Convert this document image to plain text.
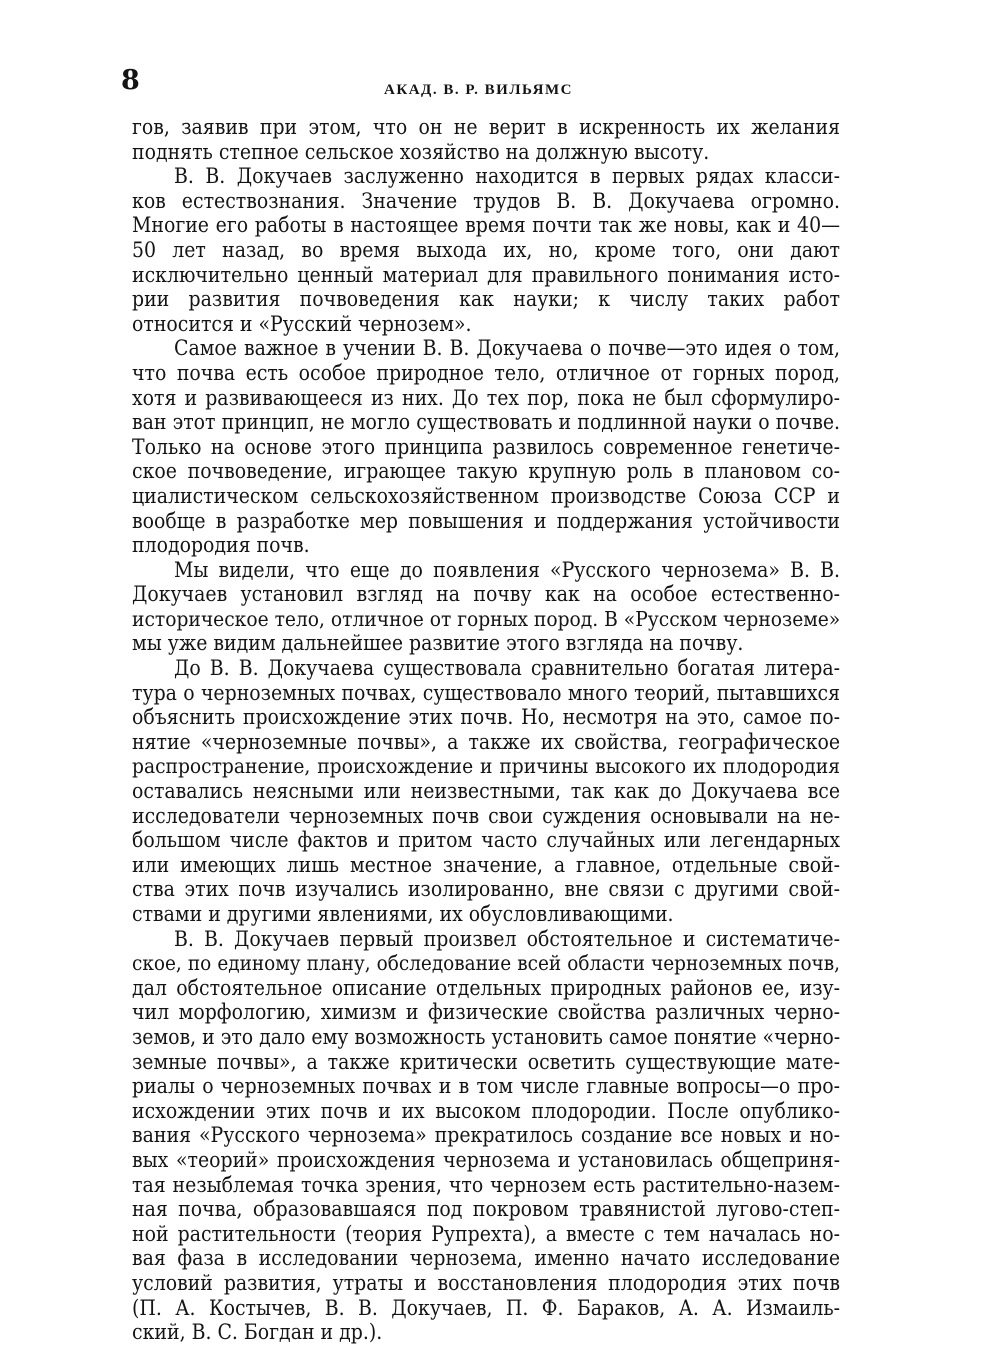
8	АКАД. В. Р. ВИЛЬЯМС
гов, заявив при этом, что он не верит в искренность их желания
поднять степное сельское хозяйство на должную высоту.
В. В. Докучаев заслуженно находится в первых рядах класси-
ков естествознания. Значение трудов В. В. Докучаева огромно.
Многие его работы в настоящее время почти так же новы, как и 40—
50 лет назад, во время выхода их, но, кроме того, они дают
исключительно ценный материал для правильного понимания исто-
рии развития почвоведения как науки; к числу таких работ
относится и «Русский чернозем».
Самое важное в учении В. В. Докучаева о почве—это идея о том,
что почва есть особое природное тело, отличное от горных пород,
хотя и развивающееся из них. До тех пор, пока не был сформулиро-
ван этот принцип, не могло существовать и подлинной науки о почве.
Только на основе этого принципа развилось современное генетиче-
ское почвоведение, играющее такую крупную роль в плановом со-
циалистическом сельскохозяйственном производстве Союза ССР и
вообще в разработке мер повышения и поддержания устойчивости
плодородия почв.
Мы видели, что еще до появления «Русского чернозема» В. В.
Докучаев установил взгляд на почву как на особое естественно-
историческое тело, отличное от горных пород. В «Русском черноземе»
мы уже видим дальнейшее развитие этого взгляда на почву.
До В. В. Докучаева существовала сравнительно богатая литера-
тура о черноземных почвах, существовало много теорий, пытавшихся
объяснить происхождение этих почв. Но, несмотря на это, самое по-
нятие «черноземные почвы», а также их свойства, географическое
распространение, происхождение и причины высокого их плодородия
оставались неясными или неизвестными, так как до Докучаева все
исследователи черноземных почв свои суждения основывали на не-
большом числе фактов и притом часто случайных или легендарных
или имеющих лишь местное значение, а главное, отдельные свой-
ства этих почв изучались изолированно, вне связи с другими свой-
ствами и другими явлениями, их обусловливающими.
В. В. Докучаев первый произвел обстоятельное и систематиче-
ское, по единому плану, обследование всей области черноземных почв,
дал обстоятельное описание отдельных природных районов ее, изу-
чил морфологию, химизм и физические свойства различных черно-
земов, и это дало ему возможность установить самое понятие «черно-
земные почвы», а также критически осветить существующие мате-
риалы о черноземных почвах и в том числе главные вопросы—о про-
исхождении этих почв и их высоком плодородии. После опублико-
вания «Русского чернозема» прекратилось создание все новых и но-
вых «теорий» происхождения чернозема и установилась общеприня-
тая незыблемая точка зрения, что чернозем есть растительно-назем-
ная почва, образовавшаяся под покровом травянистой лугово-степ-
ной растительности (теория Рупрехта), а вместе с тем началась но-
вая фаза в исследовании чернозема, именно начато исследование
условий развития, утраты и восстановления плодородия этих почв
(П. А. Костычев, В. В. Докучаев, П. Ф. Бараков, А. А. Измаиль-
ский, В. С. Богдан и др.).
